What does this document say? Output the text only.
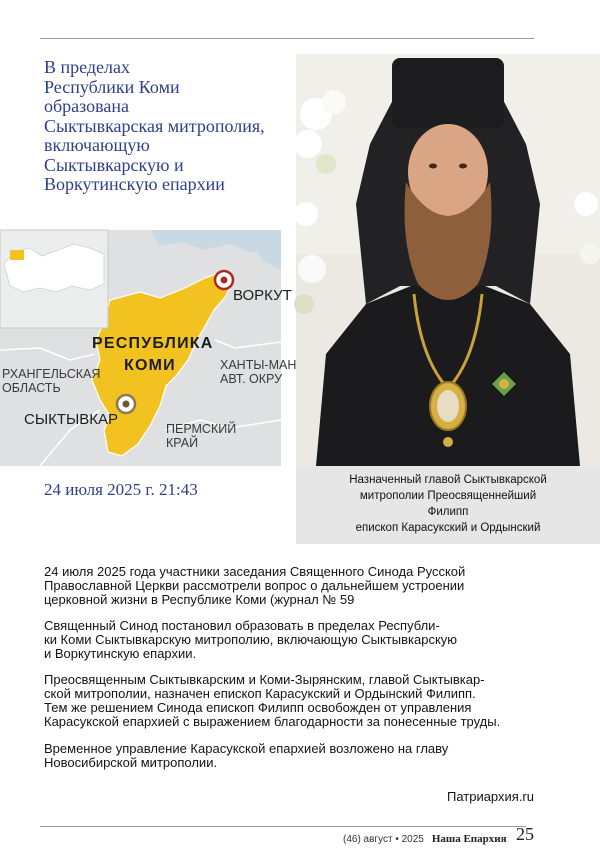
В пределах
Республики Коми
образована
Сыктывкарская митрополия,
включающую
Сыктывкарскую и
Воркутинскую епархии
РЕСПУБЛИКА
КОМИ
ВОРКУТ
СЫКТЫВКАР
РХАНГЕЛЬСКАЯ
ОБЛАСТЬ
ХАНТЫ-МАН
АВТ. ОКРУ
ПЕРМСКИЙ
КРАЙ
Назначенный главой Сыктывкарской
митрополии Преосвященнейший
Филипп
епископ Карасукский и Ордынский
24 июля 2025 г. 21:43
24 июля 2025 года участники заседания Священного Синода Русской
Православной Церкви рассмотрели вопрос о дальнейшем устроении
церковной жизни в Республике Коми (журнал № 59
Священный Синод постановил образовать в пределах Республи-
ки Коми Сыктывкарскую митрополию, включающую Сыктывкарскую
и Воркутинскую епархии.
Преосвященным Сыктывкарским и Коми-Зырянским, главой Сыктывкар-
ской митрополии, назначен епископ Карасукский и Ордынский Филипп.
Тем же решением Синода епископ Филипп освобожден от управления
Карасукской епархией с выражением благодарности за понесенные труды.
Временное управление Карасукской епархией возложено на главу
Новосибирской митрополии.
Патриархия.ru
(46) август • 2025 Наша Епархия 25
